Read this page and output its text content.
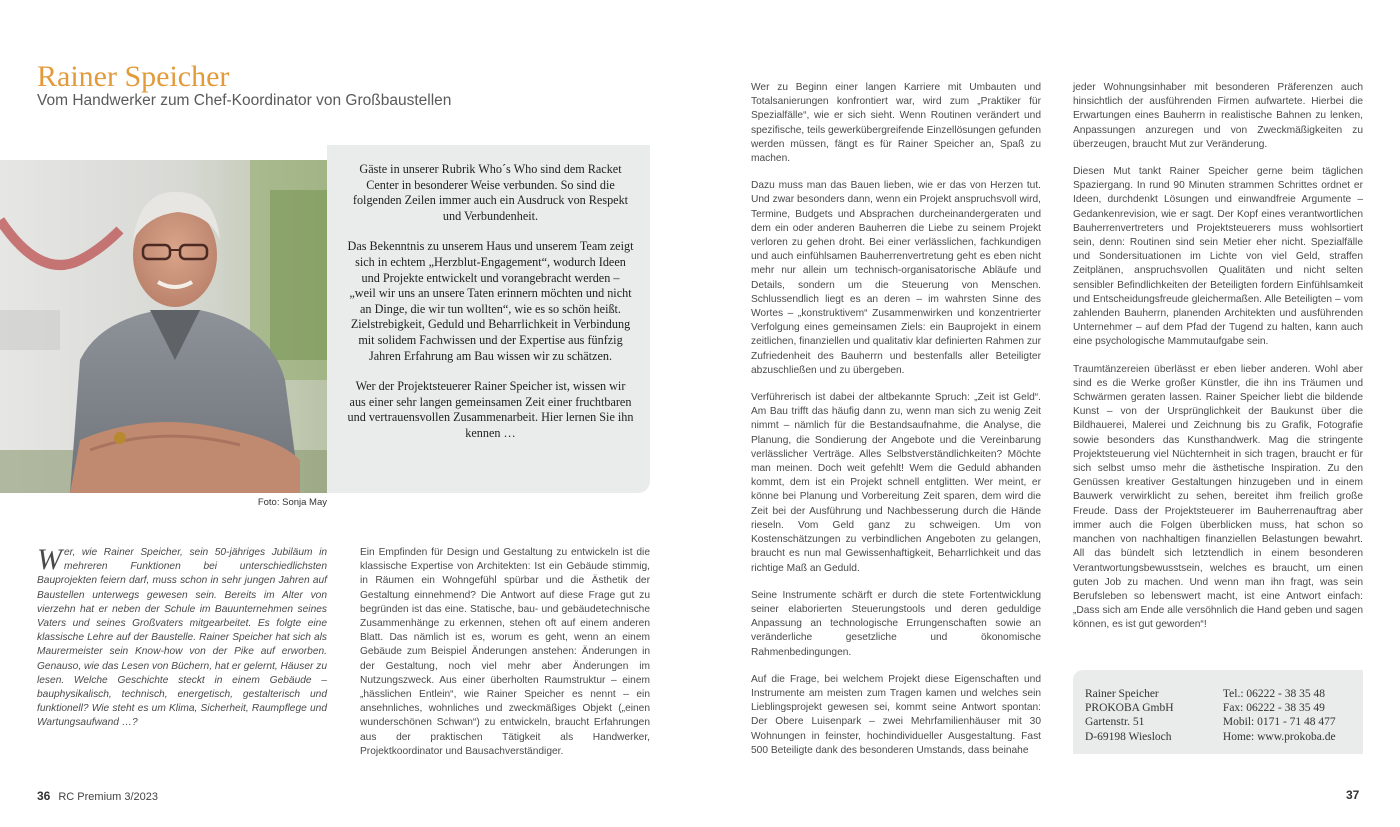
Rainer Speicher
Vom Handwerker zum Chef-Koordinator von Großbaustellen
Foto: Sonja May

Gäste in unserer Rubrik Who´s Who sind dem Racket Center in besonderer Weise verbunden. So sind die folgenden Zeilen immer auch ein Ausdruck von Respekt und Verbundenheit.

Das Bekenntnis zu unserem Haus und unserem Team zeigt sich in echtem „Herzblut-Engagement“, wodurch Ideen und Projekte entwickelt und vorangebracht werden – „weil wir uns an unsere Taten erinnern möchten und nicht an Dinge, die wir tun wollten“, wie es so schön heißt. Zielstrebigkeit, Geduld und Beharrlichkeit in Verbindung mit solidem Fachwissen und der Expertise aus fünfzig Jahren Erfahrung am Bau wissen wir zu schätzen.

Wer der Projektsteuerer Rainer Speicher ist, wissen wir aus einer sehr langen gemeinsamen Zeit einer fruchtbaren und vertrauensvollen Zusammenarbeit. Hier lernen Sie ihn kennen …

Wer, wie Rainer Speicher, sein 50-jähriges Jubiläum in mehreren Funktionen bei unterschiedlichsten Bauprojekten feiern darf, muss schon in sehr jungen Jahren auf Baustellen unterwegs gewesen sein. Bereits im Alter von vierzehn hat er neben der Schule im Bauunternehmen seines Vaters und seines Großvaters mitgearbeitet. Es folgte eine klassische Lehre auf der Baustelle. Rainer Speicher hat sich als Maurermeister sein Know-how von der Pike auf erworben. Genauso, wie das Lesen von Büchern, hat er gelernt, Häuser zu lesen. Welche Geschichte steckt in einem Gebäude – bauphysikalisch, technisch, energetisch, gestalterisch und funktionell? Wie steht es um Klima, Sicherheit, Raumpflege und Wartungsaufwand …?

Ein Empfinden für Design und Gestaltung zu entwickeln ist die klassische Expertise von Architekten: Ist ein Gebäude stimmig, in Räumen ein Wohngefühl spürbar und die Ästhetik der Gestaltung einnehmend? Die Antwort auf diese Frage gut zu begründen ist das eine. Statische, bau- und gebäudetechnische Zusammenhänge zu erkennen, stehen oft auf einem anderen Blatt. Das nämlich ist es, worum es geht, wenn an einem Gebäude zum Beispiel Änderungen anstehen: Änderungen in der Gestaltung, noch viel mehr aber Änderungen im Nutzungszweck. Aus einer überholten Raumstruktur – einem „hässlichen Entlein“, wie Rainer Speicher es nennt – ein ansehnliches, wohnliches und zweckmäßiges Objekt („einen wunderschönen Schwan“) zu entwickeln, braucht Erfahrungen aus der praktischen Tätigkeit als Handwerker, Projektkoordinator und Bausachverständiger.

Wer zu Beginn einer langen Karriere mit Umbauten und Totalsanierungen konfrontiert war, wird zum „Praktiker für Spezialfälle“, wie er sich sieht. Wenn Routinen verändert und spezifische, teils gewerkübergreifende Einzellösungen gefunden werden müssen, fängt es für Rainer Speicher an, Spaß zu machen.

Dazu muss man das Bauen lieben, wie er das von Herzen tut. Und zwar besonders dann, wenn ein Projekt anspruchsvoll wird, Termine, Budgets und Absprachen durcheinandergeraten und dem ein oder anderen Bauherren die Liebe zu seinem Projekt verloren zu gehen droht. Bei einer verlässlichen, fachkundigen und auch einfühlsamen Bauherrenvertretung geht es eben nicht mehr nur allein um technisch-organisatorische Abläufe und Details, sondern um die Steuerung von Menschen. Schlussendlich liegt es an deren – im wahrsten Sinne des Wortes – „konstruktivem“ Zusammenwirken und konzentrierter Verfolgung eines gemeinsamen Ziels: ein Bauprojekt in einem zeitlichen, finanziellen und qualitativ klar definierten Rahmen zur Zufriedenheit des Bauherrn und bestenfalls aller Beteiligter abzuschließen und zu übergeben.

Verführerisch ist dabei der altbekannte Spruch: „Zeit ist Geld“. Am Bau trifft das häufig dann zu, wenn man sich zu wenig Zeit nimmt – nämlich für die Bestandsaufnahme, die Analyse, die Planung, die Sondierung der Angebote und die Vereinbarung verlässlicher Verträge. Alles Selbstverständlichkeiten? Möchte man meinen. Doch weit gefehlt! Wem die Geduld abhanden kommt, dem ist ein Projekt schnell entglitten. Wer meint, er könne bei Planung und Vorbereitung Zeit sparen, dem wird die Zeit bei der Ausführung und Nachbesserung durch die Hände rieseln. Vom Geld ganz zu schweigen. Um von Kostenschätzungen zu verbindlichen Angeboten zu gelangen, braucht es nun mal Gewissenhaftigkeit, Beharrlichkeit und das richtige Maß an Geduld.

Seine Instrumente schärft er durch die stete Fortentwicklung seiner elaborierten Steuerungstools und deren geduldige Anpassung an technologische Errungenschaften sowie an veränderliche gesetzliche und ökonomische Rahmenbedingungen.

Auf die Frage, bei welchem Projekt diese Eigenschaften und Instrumente am meisten zum Tragen kamen und welches sein Lieblingsprojekt gewesen sei, kommt seine Antwort spontan: Der Obere Luisenpark – zwei Mehrfamilienhäuser mit 30 Wohnungen in feinster, hochindividueller Ausgestaltung. Fast 500 Beteiligte dank des besonderen Umstands, dass beinahe

jeder Wohnungsinhaber mit besonderen Präferenzen auch hinsichtlich der ausführenden Firmen aufwartete. Hierbei die Erwartungen eines Bauherrn in realistische Bahnen zu lenken, Anpassungen anzuregen und von Zweckmäßigkeiten zu überzeugen, braucht Mut zur Veränderung.

Diesen Mut tankt Rainer Speicher gerne beim täglichen Spaziergang. In rund 90 Minuten strammen Schrittes ordnet er Ideen, durchdenkt Lösungen und einwandfreie Argumente – Gedankenrevision, wie er sagt. Der Kopf eines verantwortlichen Bauherrenvertreters und Projektsteuerers muss wohlsortiert sein, denn: Routinen sind sein Metier eher nicht. Spezialfälle und Sondersituationen im Lichte von viel Geld, straffen Zeitplänen, anspruchsvollen Qualitäten und nicht selten sensibler Befindlichkeiten der Beteiligten fordern Einfühlsamkeit und Entscheidungsfreude gleichermaßen. Alle Beteiligten – vom zahlenden Bauherrn, planenden Architekten und ausführenden Unternehmer – auf dem Pfad der Tugend zu halten, kann auch eine psychologische Mammutaufgabe sein.

Traumtänzereien überlässt er eben lieber anderen. Wohl aber sind es die Werke großer Künstler, die ihn ins Träumen und Schwärmen geraten lassen. Rainer Speicher liebt die bildende Kunst – von der Ursprünglichkeit der Baukunst über die Bildhauerei, Malerei und Zeichnung bis zu Grafik, Fotografie sowie besonders das Kunsthandwerk. Mag die stringente Projektsteuerung viel Nüchternheit in sich tragen, braucht er für sich selbst umso mehr die ästhetische Inspiration. Zu den Genüssen kreativer Gestaltungen hinzugeben und in einem Bauwerk verwirklicht zu sehen, bereitet ihm freilich große Freude. Dass der Projektsteuerer im Bauherrenauftrag aber immer auch die Folgen überblicken muss, hat schon so manchen von nachhaltigen finanziellen Belastungen bewahrt. All das bündelt sich letztendlich in einem besonderen Verantwortungsbewusstsein, welches es braucht, um einen guten Job zu machen. Und wenn man ihn fragt, was sein Berufsleben so lebenswert macht, ist eine Antwort einfach: „Dass sich am Ende alle versöhnlich die Hand geben und sagen können, es ist gut geworden“!

Rainer Speicher
PROKOBA GmbH
Gartenstr. 51
D-69198 Wiesloch
Tel.: 06222 - 38 35 48
Fax: 06222 - 38 35 49
Mobil: 0171 - 71 48 477
Home: www.prokoba.de
36 RC Premium 3/2023	37
